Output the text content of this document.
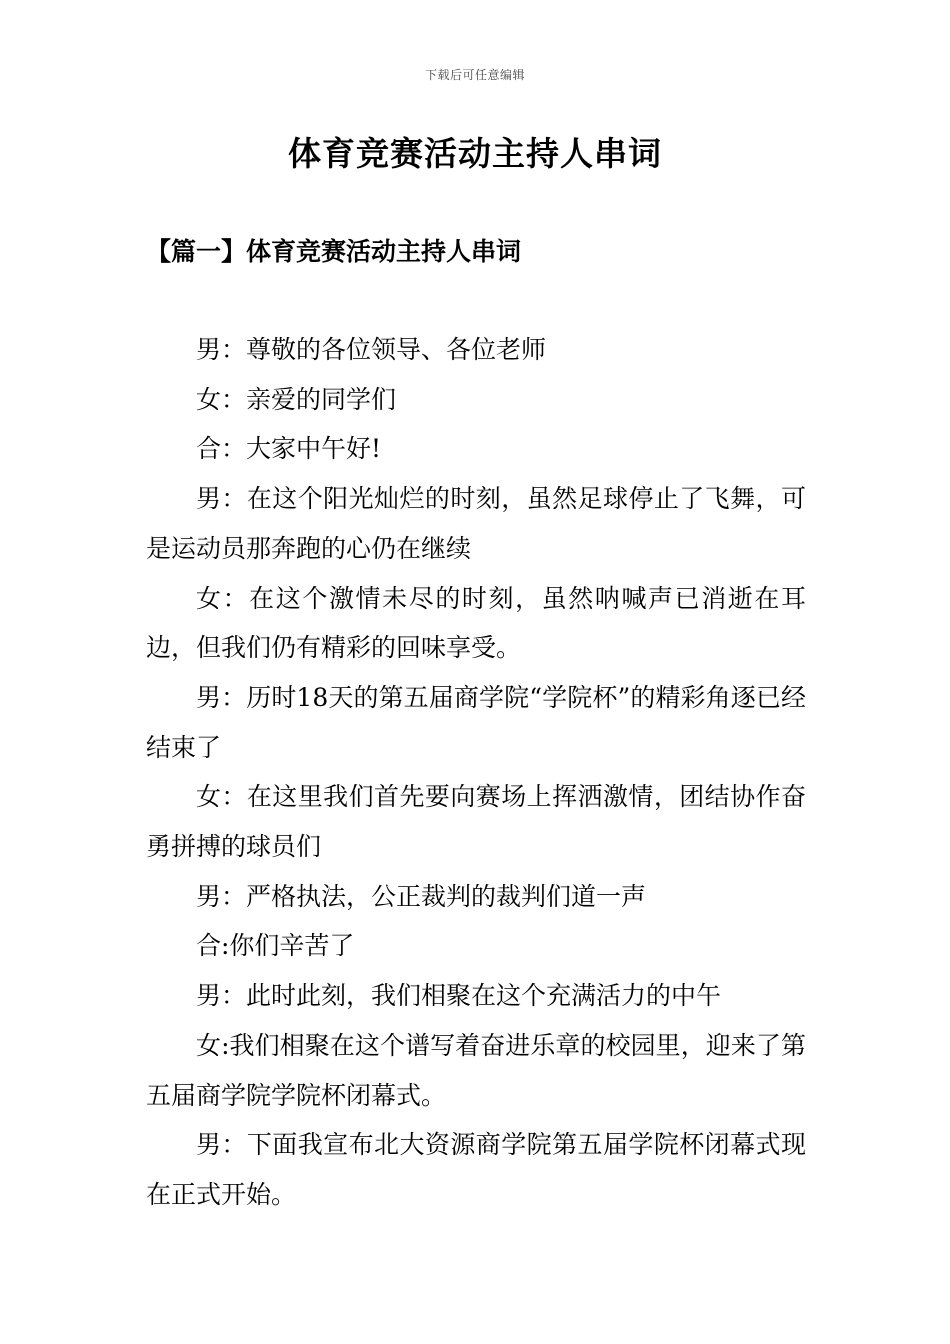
下载后可任意编辑
体育竞赛活动主持人串词
【篇一】体育竞赛活动主持人串词

男：尊敬的各位领导、各位老师

女：亲爱的同学们

合：大家中午好!

男：在这个阳光灿烂的时刻，虽然足球停止了飞舞，可是运动员那奔跑的心仍在继续

女：在这个激情未尽的时刻，虽然呐喊声已消逝在耳边，但我们仍有精彩的回味享受。

男：历时18天的第五届商学院“学院杯”的精彩角逐已经结束了

女：在这里我们首先要向赛场上挥洒激情，团结协作奋勇拼搏的球员们

男：严格执法，公正裁判的裁判们道一声

合:你们辛苦了

男：此时此刻，我们相聚在这个充满活力的中午

女:我们相聚在这个谱写着奋进乐章的校园里，迎来了第五届商学院学院杯闭幕式。

男：下面我宣布北大资源商学院第五届学院杯闭幕式现在正式开始。
